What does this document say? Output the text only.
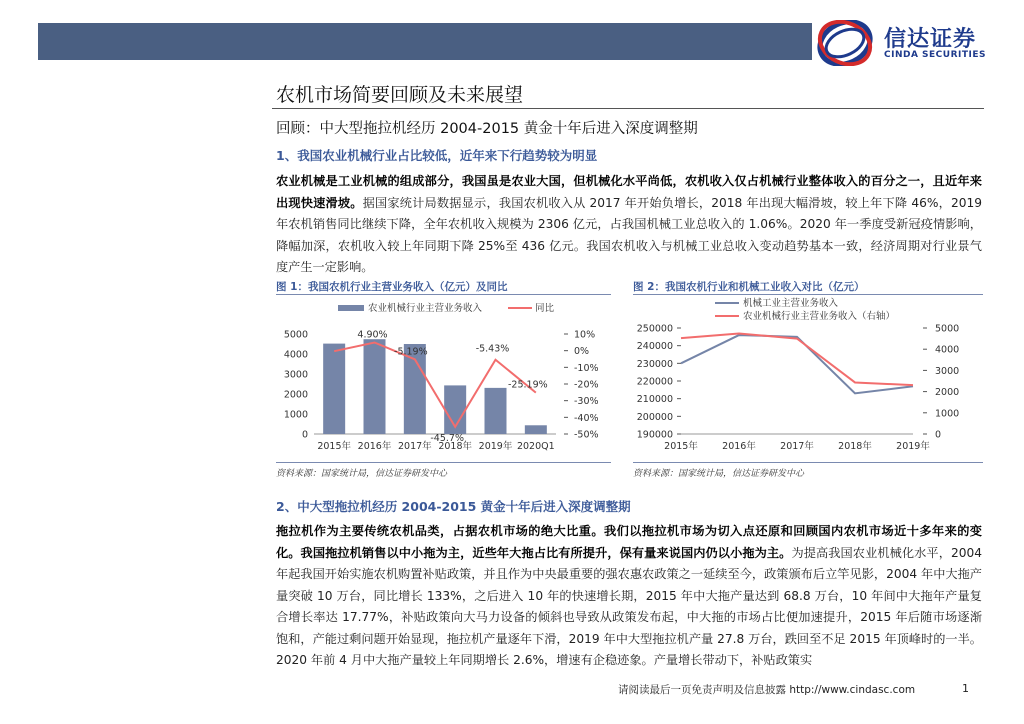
信达证券
CINDA SECURITIES
农机市场简要回顾及未来展望
回顾：中大型拖拉机经历 2004-2015 黄金十年后进入深度调整期
1、我国农业机械行业占比较低，近年来下行趋势较为明显
农业机械是工业机械的组成部分，我国虽是农业大国，但机械化水平尚低，农机收入仅占机械行业整体收入的百分之一，且近年来出现快速滑坡。据国家统计局数据显示，我国农机收入从 2017 年开始负增长，2018 年出现大幅滑坡，较上年下降 46%，2019 年农机销售同比继续下降，全年农机收入规模为 2306 亿元，占我国机械工业总收入的 1.06%。2020 年一季度受新冠疫情影响，降幅加深，农机收入较上年同期下降 25%至 436 亿元。我国农机收入与机械工业总收入变动趋势基本一致，经济周期对行业景气度产生一定影响。
图 1：我国农机行业主营业务收入（亿元）及同比
农业机械行业主营业务收入	同比
0
1000
2000
3000
4000
5000
-50%
-40%
-30%
-20%
-10%
0%
10%
2015年 2016年 2017年 2018年 2019年 2020Q1
4.90%
-5.19%
-45.7%
-5.43%
-25.19%
资料来源：国家统计局，信达证券研发中心
图 2：我国农机行业和机械工业收入对比（亿元）
机械工业主营业务收入
农业机械行业主营业务收入（右轴）
190000
200000
210000
220000
230000
240000
250000
0
1000
2000
3000
4000
5000
2015年	2016年	2017年	2018年	2019年
资料来源：国家统计局，信达证券研发中心
2、中大型拖拉机经历 2004-2015 黄金十年后进入深度调整期
拖拉机作为主要传统农机品类，占据农机市场的绝大比重。我们以拖拉机市场为切入点还原和回顾国内农机市场近十多年来的变化。我国拖拉机销售以中小拖为主，近些年大拖占比有所提升，保有量来说国内仍以小拖为主。为提高我国农业机械化水平，2004 年起我国开始实施农机购置补贴政策，并且作为中央最重要的强农惠农政策之一延续至今，政策颁布后立竿见影，2004 年中大拖产量突破 10 万台，同比增长 133%，之后进入 10 年的快速增长期，2015 年中大拖产量达到 68.8 万台，10 年间中大拖年产量复合增长率达 17.77%，补贴政策向大马力设备的倾斜也导致从政策发布起，中大拖的市场占比便加速提升，2015 年后随市场逐渐饱和，产能过剩问题开始显现，拖拉机产量逐年下滑，2019 年中大型拖拉机产量 27.8 万台，跌回至不足 2015 年顶峰时的一半。2020 年前 4 月中大拖产量较上年同期增长 2.6%，增速有企稳迹象。产量增长带动下，补贴政策实
请阅读最后一页免责声明及信息披露 http://www.cindasc.com	1
